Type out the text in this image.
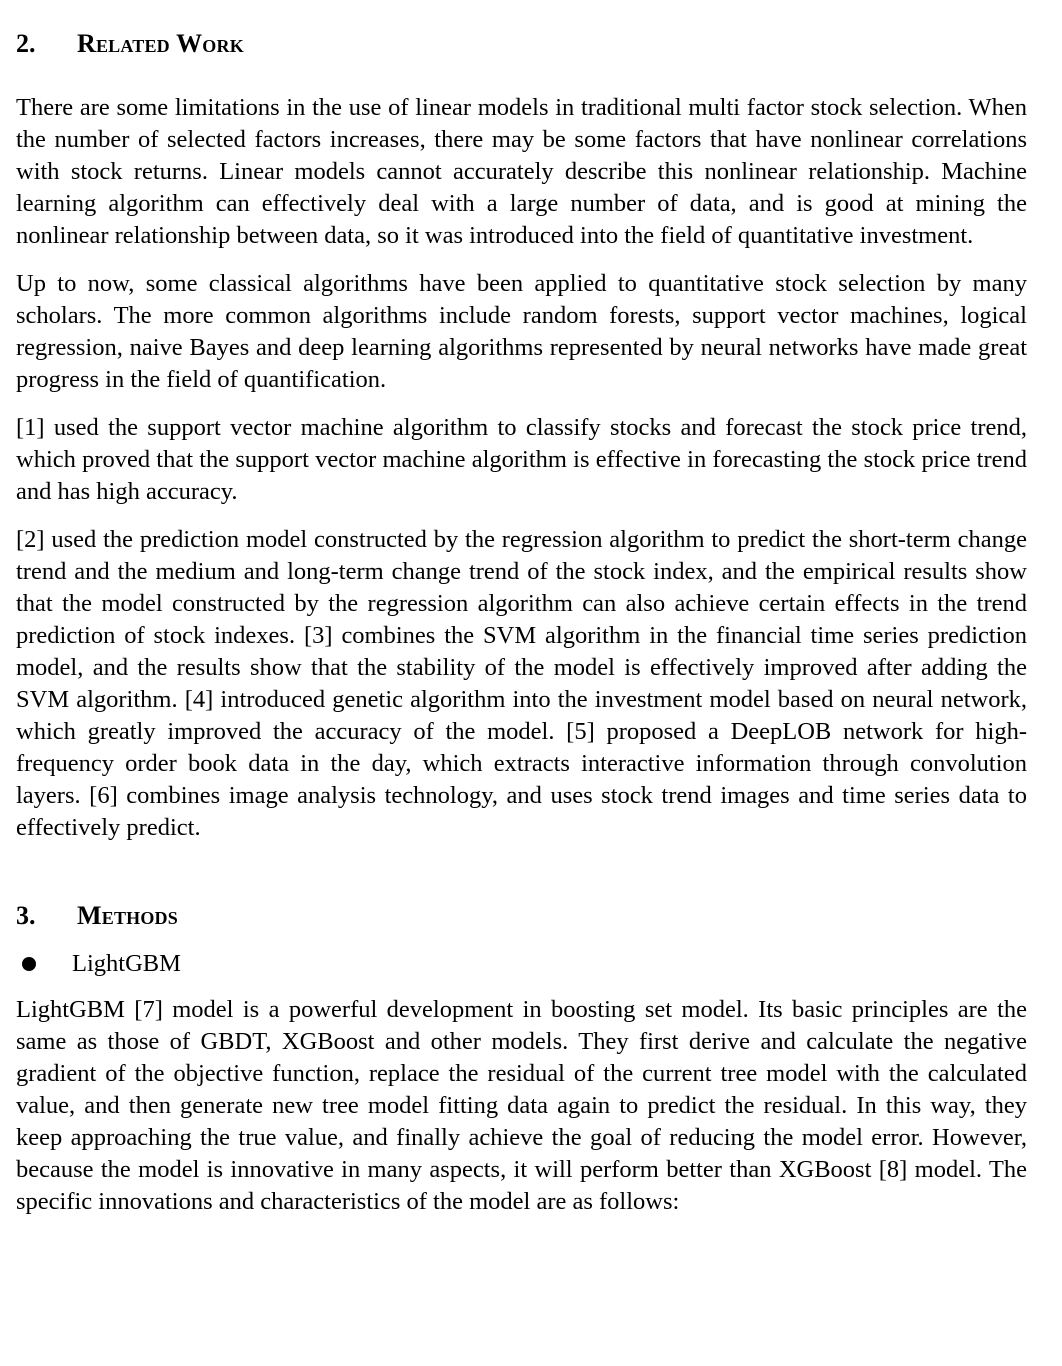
2.	Related Work

There are some limitations in the use of linear models in traditional multi factor stock selection. When the number of selected factors increases, there may be some factors that have nonlinear correlations with stock returns. Linear models cannot accurately describe this nonlinear relationship. Machine learning algorithm can effectively deal with a large number of data, and is good at mining the nonlinear relationship between data, so it was introduced into the field of quantitative investment.

Up to now, some classical algorithms have been applied to quantitative stock selection by many scholars. The more common algorithms include random forests, support vector machines, logical regression, naive Bayes and deep learning algorithms represented by neural networks have made great progress in the field of quantification.

[1] used the support vector machine algorithm to classify stocks and forecast the stock price trend, which proved that the support vector machine algorithm is effective in forecasting the stock price trend and has high accuracy.

[2] used the prediction model constructed by the regression algorithm to predict the short-term change trend and the medium and long-term change trend of the stock index, and the empirical results show that the model constructed by the regression algorithm can also achieve certain effects in the trend prediction of stock indexes. [3] combines the SVM algorithm in the financial time series prediction model, and the results show that the stability of the model is effectively improved after adding the SVM algorithm. [4] introduced genetic algorithm into the investment model based on neural network, which greatly improved the accuracy of the model. [5] proposed a DeepLOB network for high-frequency order book data in the day, which extracts interactive information through convolution layers. [6] combines image analysis technology, and uses stock trend images and time series data to effectively predict.

3.	Methods
LightGBM

LightGBM [7] model is a powerful development in boosting set model. Its basic principles are the same as those of GBDT, XGBoost and other models. They first derive and calculate the negative gradient of the objective function, replace the residual of the current tree model with the calculated value, and then generate new tree model fitting data again to predict the residual. In this way, they keep approaching the true value, and finally achieve the goal of reducing the model error. However, because the model is innovative in many aspects, it will perform better than XGBoost [8] model. The specific innovations and characteristics of the model are as follows:
